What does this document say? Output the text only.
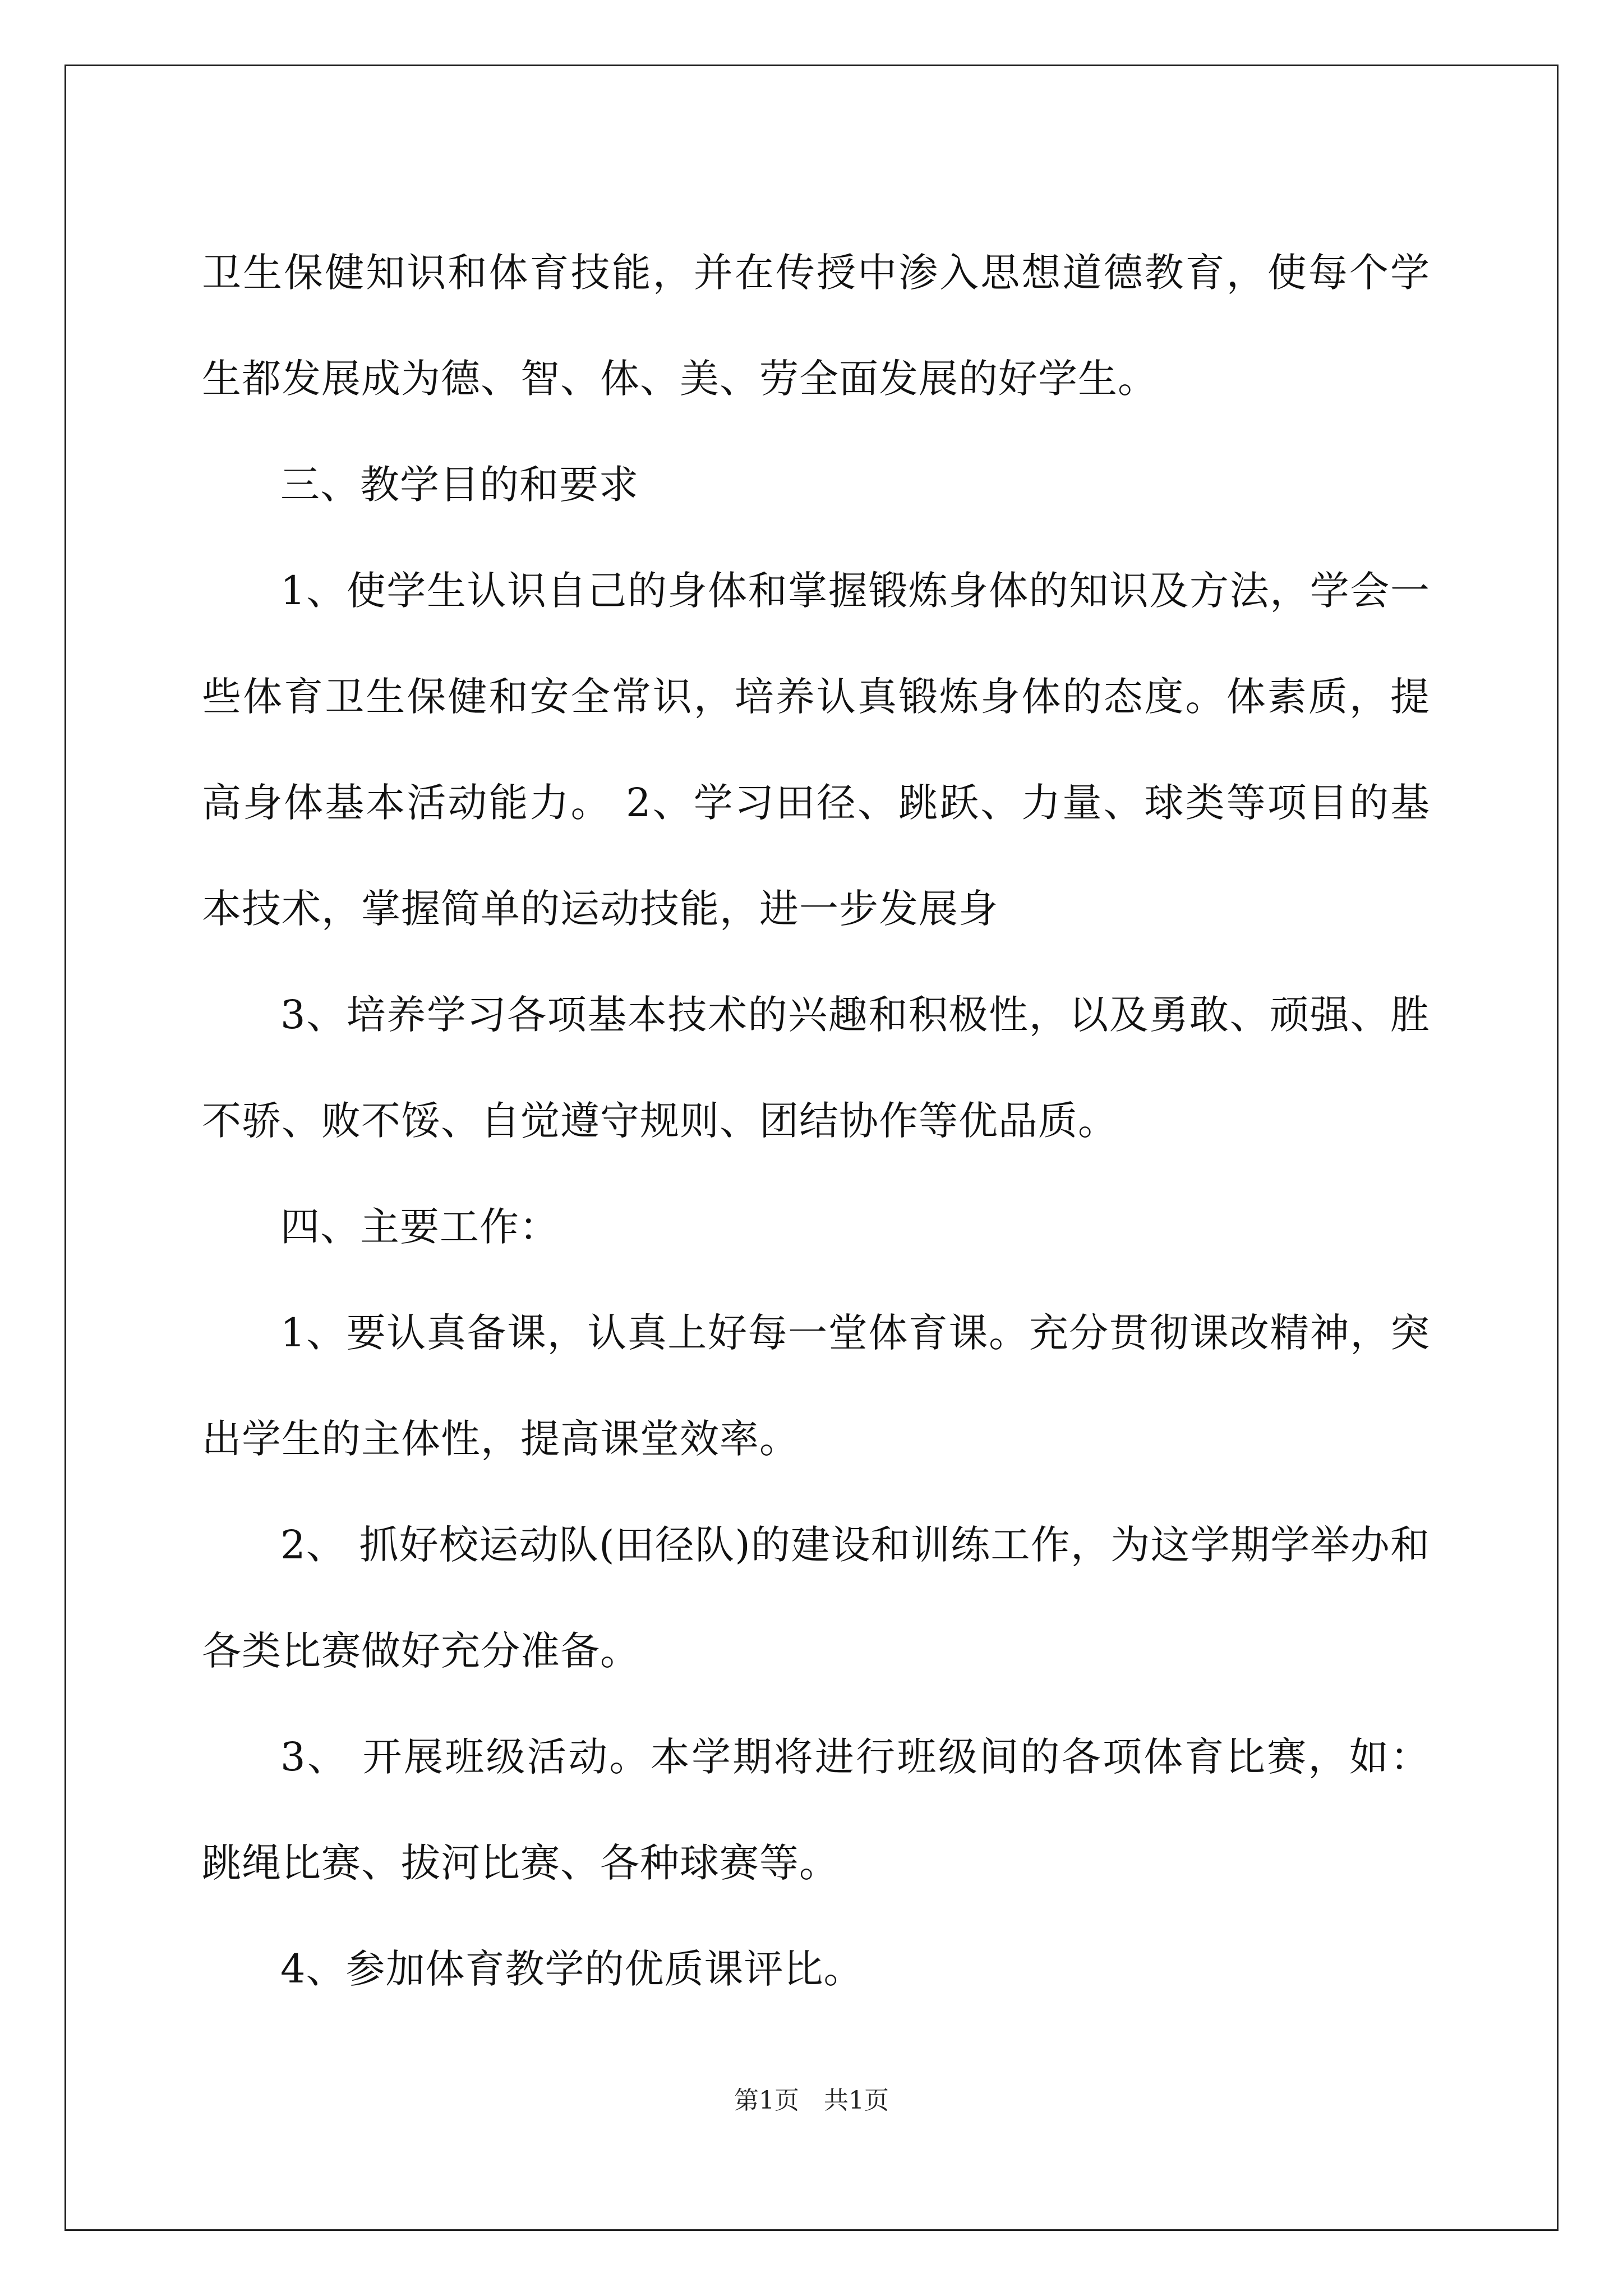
卫生保健知识和体育技能，并在传授中渗入思想道德教育，使每个学生都发展成为德、智、体、美、劳全面发展的好学生。

三、教学目的和要求

1、使学生认识自己的身体和掌握锻炼身体的知识及方法，学会一些体育卫生保健和安全常识，培养认真锻炼身体的态度。体素质，提高身体基本活动能力。 2、学习田径、跳跃、力量、球类等项目的基本技术，掌握简单的运动技能，进一步发展身

3、培养学习各项基本技术的兴趣和积极性，以及勇敢、顽强、胜不骄、败不馁、自觉遵守规则、团结协作等优品质。

四、主要工作：

1、要认真备课，认真上好每一堂体育课。充分贯彻课改精神，突出学生的主体性，提高课堂效率。

2、 抓好校运动队(田径队)的建设和训练工作，为这学期学举办和各类比赛做好充分准备。

3、 开展班级活动。本学期将进行班级间的各项体育比赛，如：跳绳比赛、拔河比赛、各种球赛等。

4、参加体育教学的优质课评比。

第1页　共1页
